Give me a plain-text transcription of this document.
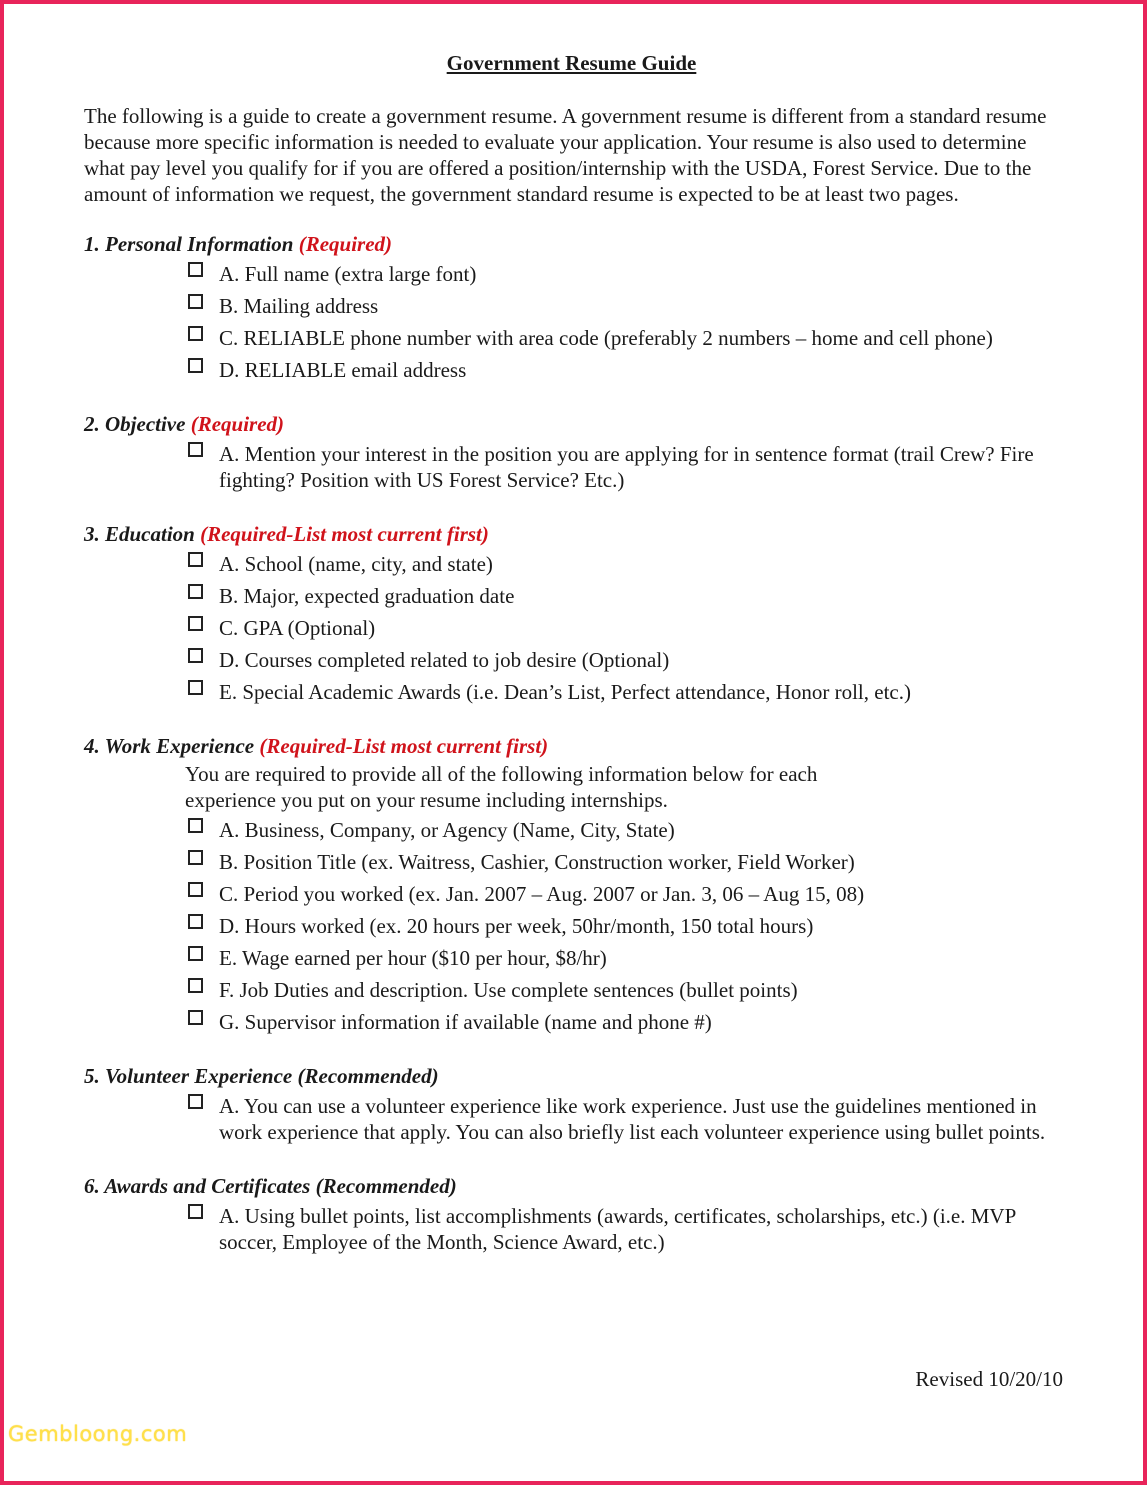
Government Resume Guide
The following is a guide to create a government resume. A government resume is different from a standard resume because more specific information is needed to evaluate your application. Your resume is also used to determine what pay level you qualify for if you are offered a position/internship with the USDA, Forest Service. Due to the amount of information we request, the government standard resume is expected to be at least two pages.
1. Personal Information (Required)
A. Full name (extra large font)
B. Mailing address
C. RELIABLE phone number with area code (preferably 2 numbers – home and cell phone)
D. RELIABLE email address
2. Objective (Required)
A. Mention your interest in the position you are applying for in sentence format (trail Crew? Fire fighting? Position with US Forest Service? Etc.)
3. Education (Required-List most current first)
A. School (name, city, and state)
B. Major, expected graduation date
C. GPA (Optional)
D. Courses completed related to job desire (Optional)
E. Special Academic Awards (i.e. Dean’s List, Perfect attendance, Honor roll, etc.)
4. Work Experience (Required-List most current first)
You are required to provide all of the following information below for each experience you put on your resume including internships.
A. Business, Company, or Agency (Name, City, State)
B. Position Title (ex. Waitress, Cashier, Construction worker, Field Worker)
C. Period you worked (ex. Jan. 2007 – Aug. 2007 or Jan. 3, 06 – Aug 15, 08)
D. Hours worked (ex. 20 hours per week, 50hr/month, 150 total hours)
E. Wage earned per hour ($10 per hour, $8/hr)
F. Job Duties and description. Use complete sentences (bullet points)
G. Supervisor information if available (name and phone #)
5. Volunteer Experience (Recommended)
A. You can use a volunteer experience like work experience. Just use the guidelines mentioned in work experience that apply. You can also briefly list each volunteer experience using bullet points.
6. Awards and Certificates (Recommended)
A. Using bullet points, list accomplishments (awards, certificates, scholarships, etc.) (i.e. MVP soccer, Employee of the Month, Science Award, etc.)
Revised 10/20/10
Gembloong.com
